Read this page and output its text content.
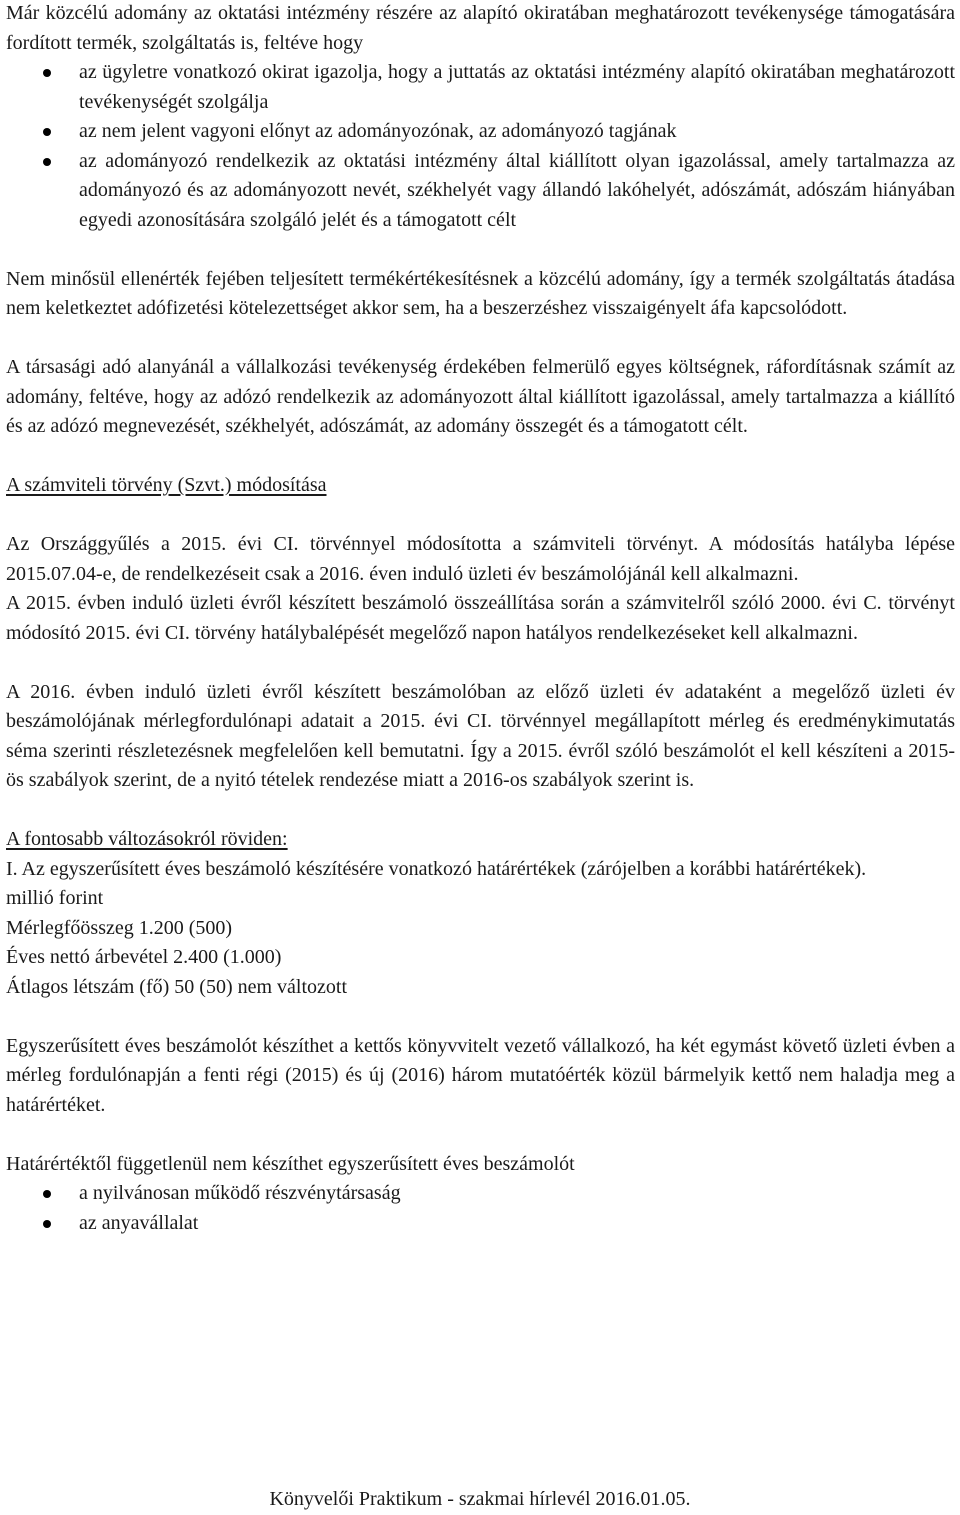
Már közcélú adomány az oktatási intézmény részére az alapító okiratában meghatározott tevékenysége támogatására fordított termék, szolgáltatás is, feltéve hogy

az ügyletre vonatkozó okirat igazolja, hogy a juttatás az oktatási intézmény alapító okiratában meghatározott tevékenységét szolgálja
az nem jelent vagyoni előnyt az adományozónak, az adományozó tagjának
az adományozó rendelkezik az oktatási intézmény által kiállított olyan igazolással, amely tartalmazza az adományozó és az adományozott nevét, székhelyét vagy állandó lakóhelyét, adószámát, adószám hiányában egyedi azonosítására szolgáló jelét és a támogatott célt

Nem minősül ellenérték fejében teljesített termékértékesítésnek a közcélú adomány, így a termék szolgáltatás átadása nem keletkeztet adófizetési kötelezettséget akkor sem, ha a beszerzéshez visszaigényelt áfa kapcsolódott.

A társasági adó alanyánál a vállalkozási tevékenység érdekében felmerülő egyes költségnek, ráfordításnak számít az adomány, feltéve, hogy az adózó rendelkezik az adományozott által kiállított igazolással, amely tartalmazza a kiállító és az adózó megnevezését, székhelyét, adószámát, az adomány összegét és a támogatott célt.

A számviteli törvény (Szvt.) módosítása

Az Országgyűlés a 2015. évi CI. törvénnyel módosította a számviteli törvényt. A módosítás hatályba lépése 2015.07.04-e, de rendelkezéseit csak a 2016. éven induló üzleti év beszámolójánál kell alkalmazni.

A 2015. évben induló üzleti évről készített beszámoló összeállítása során a számvitelről szóló 2000. évi C. törvényt módosító 2015. évi CI. törvény hatálybalépését megelőző napon hatályos rendelkezéseket kell alkalmazni.

A 2016. évben induló üzleti évről készített beszámolóban az előző üzleti év adataként a megelőző üzleti év beszámolójának mérlegfordulónapi adatait a 2015. évi CI. törvénnyel megállapított mérleg és eredménykimutatás séma szerinti részletezésnek megfelelően kell bemutatni. Így a 2015. évről szóló beszámolót el kell készíteni a 2015-ös szabályok szerint, de a nyitó tételek rendezése miatt a 2016-os szabályok szerint is.

A fontosabb változásokról röviden:

I. Az egyszerűsített éves beszámoló készítésére vonatkozó határértékek (zárójelben a korábbi határértékek).

millió forint

Mérlegfőösszeg 1.200 (500)

Éves nettó árbevétel 2.400 (1.000)

Átlagos létszám (fő) 50 (50) nem változott

Egyszerűsített éves beszámolót készíthet a kettős könyvvitelt vezető vállalkozó, ha két egymást követő üzleti évben a mérleg fordulónapján a fenti régi (2015) és új (2016) három mutatóérték közül bármelyik kettő nem haladja meg a határértéket.

Határértéktől függetlenül nem készíthet egyszerűsített éves beszámolót

a nyilvánosan működő részvénytársaság
az anyavállalat
Könyvelői Praktikum - szakmai hírlevél 2016.01.05.
